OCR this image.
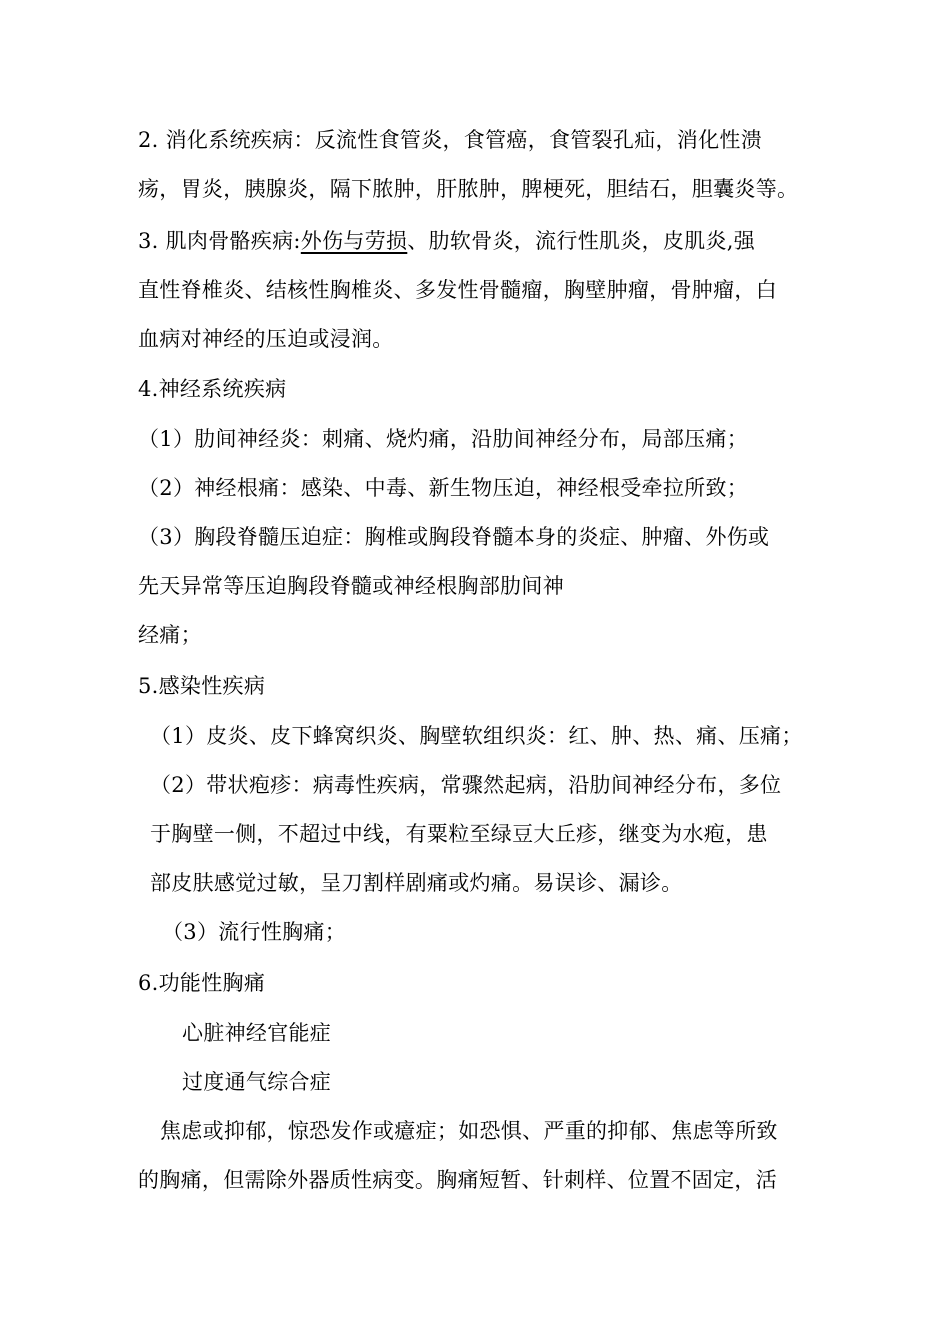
2. 消化系统疾病：反流性食管炎，食管癌，食管裂孔疝，消化性溃
疡，胃炎，胰腺炎，隔下脓肿，肝脓肿，脾梗死，胆结石，胆囊炎等。
3. 肌肉骨骼疾病:外伤与劳损、肋软骨炎，流行性肌炎，皮肌炎,强
直性脊椎炎、结核性胸椎炎、多发性骨髓瘤，胸壁肿瘤，骨肿瘤，白
血病对神经的压迫或浸润。
4.神经系统疾病
（1）肋间神经炎：刺痛、烧灼痛，沿肋间神经分布，局部压痛；
（2）神经根痛：感染、中毒、新生物压迫，神经根受牵拉所致；
（3）胸段脊髓压迫症：胸椎或胸段脊髓本身的炎症、肿瘤、外伤或
先天异常等压迫胸段脊髓或神经根胸部肋间神
经痛；
5.感染性疾病
（1）皮炎、皮下蜂窝织炎、胸壁软组织炎：红、肿、热、痛、压痛；
（2）带状疱疹：病毒性疾病，常骤然起病，沿肋间神经分布，多位
于胸壁一侧，不超过中线，有粟粒至绿豆大丘疹，继变为水疱，患
部皮肤感觉过敏，呈刀割样剧痛或灼痛。易误诊、漏诊。
（3）流行性胸痛；
6.功能性胸痛
心脏神经官能症
过度通气综合症
焦虑或抑郁，惊恐发作或癔症；如恐惧、严重的抑郁、焦虑等所致
的胸痛，但需除外器质性病变。胸痛短暂、针刺样、位置不固定，活
